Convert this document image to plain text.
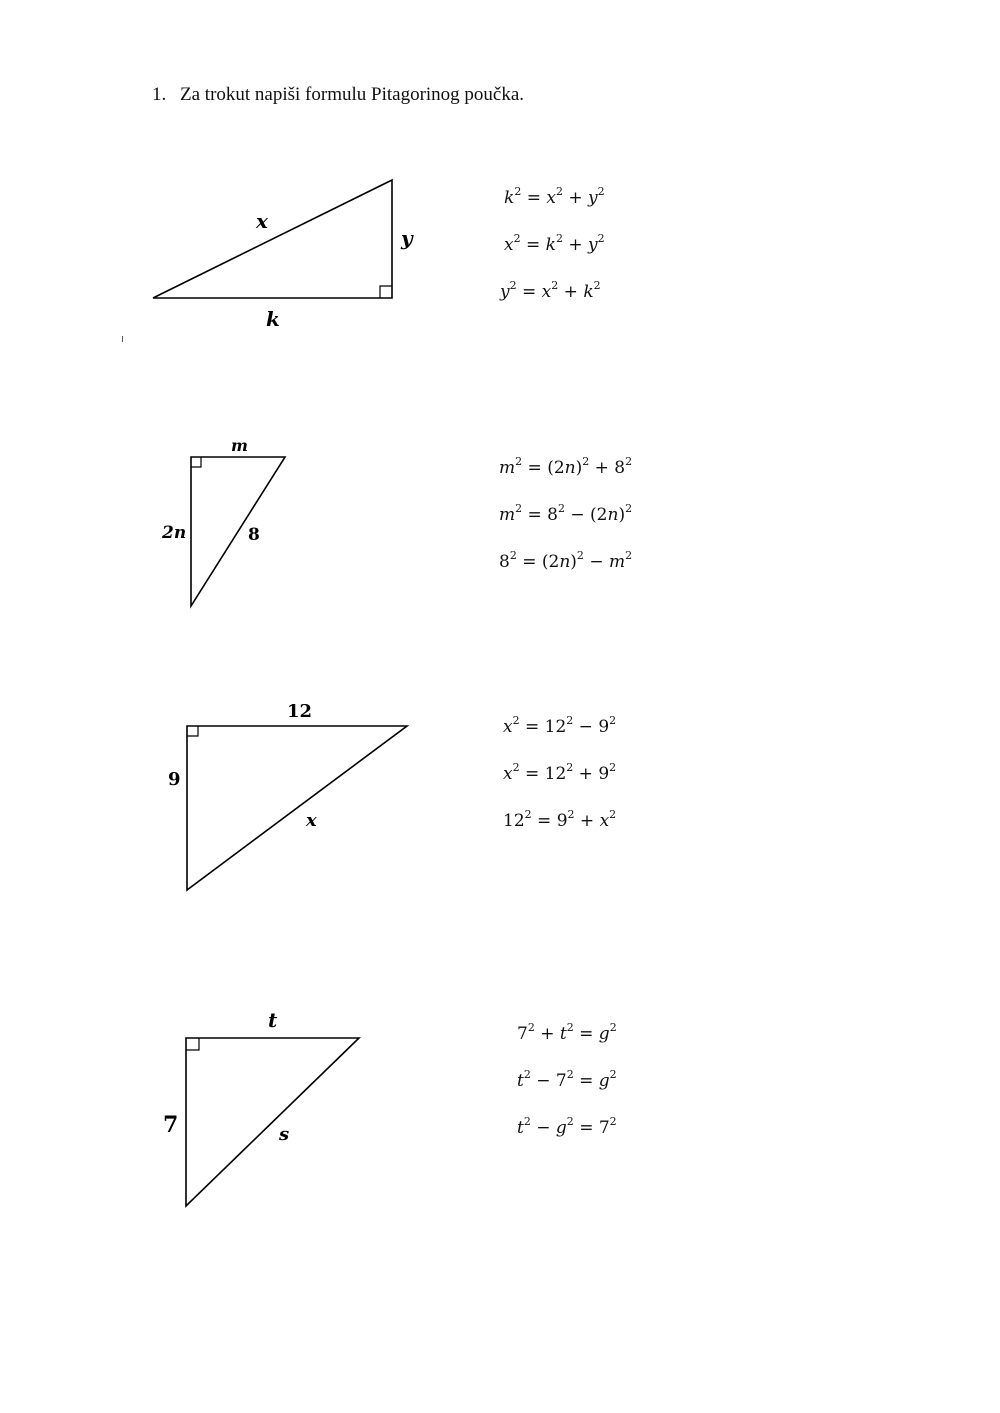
1. Za trokut napiši formulu Pitagorinog poučka.

x
y
k
m
2n	8
12
9
x
t
7	s
$k^2 = x^2 + y^2$
$x^2 = k^2 + y^2$
$y^2 = x^2 + k^2$
$m^2 = (2n)^2 + 8^2$
$m^2 = 8^2 - (2n)^2$
$8^2 = (2n)^2 - m^2$
$x^2 = 12^2 - 9^2$
$x^2 = 12^2 + 9^2$
$12^2 = 9^2 + x^2$
$7^2 + t^2 = g^2$
$t^2 - 7^2 = g^2$
$t^2 - g^2 = 7^2$
